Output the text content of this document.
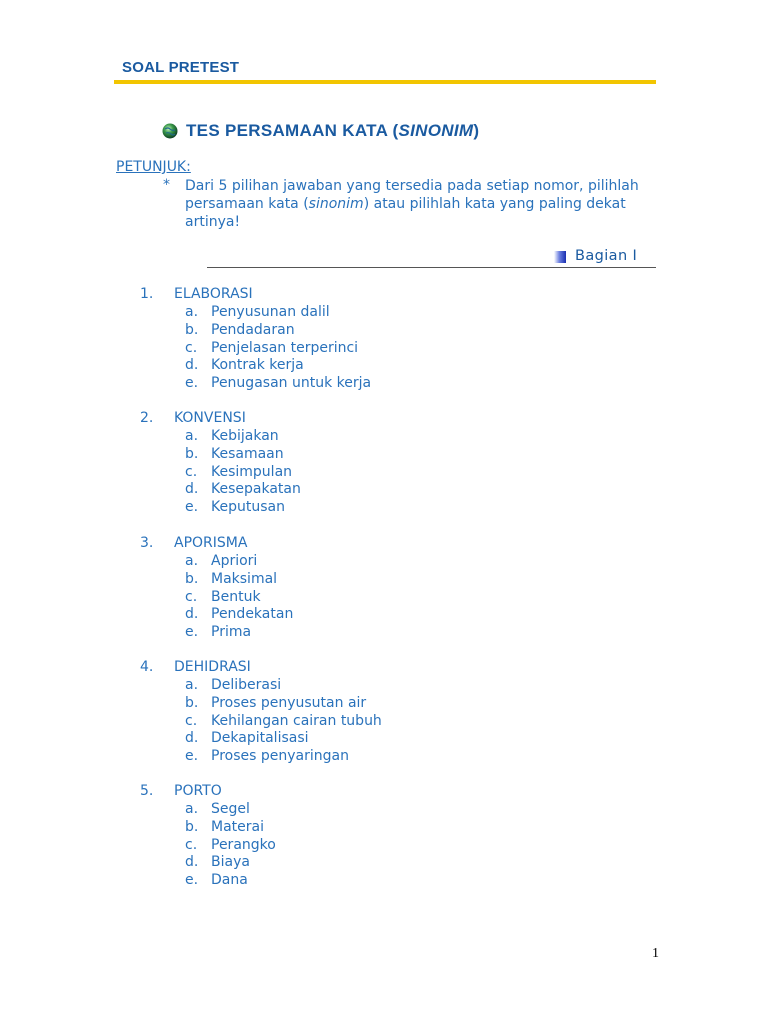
SOAL PRETEST
TES PERSAMAAN KATA (SINONIM)
PETUNJUK:
* Dari 5 pilihan jawaban yang tersedia pada setiap nomor, pilihlah persamaan kata (sinonim) atau pilihlah kata yang paling dekat artinya!
Bagian I
1. ELABORASI
a. Penyusunan dalil
b. Pendadaran
c. Penjelasan terperinci
d. Kontrak kerja
e. Penugasan untuk kerja
2. KONVENSI
a. Kebijakan
b. Kesamaan
c. Kesimpulan
d. Kesepakatan
e. Keputusan
3. APORISMA
a. Apriori
b. Maksimal
c. Bentuk
d. Pendekatan
e. Prima
4. DEHIDRASI
a. Deliberasi
b. Proses penyusutan air
c. Kehilangan cairan tubuh
d. Dekapitalisasi
e. Proses penyaringan
5. PORTO
a. Segel
b. Materai
c. Perangko
d. Biaya
e. Dana
1
